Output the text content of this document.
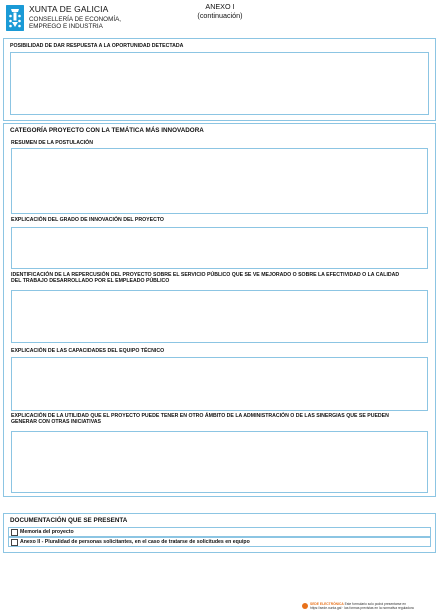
XUNTA DE GALICIA
CONSELLERÍA DE ECONOMÍA,
EMPREGO E INDUSTRIA
ANEXO I
(continuación)
POSIBILIDAD DE DAR RESPUESTA A LA OPORTUNIDAD DETECTADA
CATEGORÍA PROYECTO CON LA TEMÁTICA MÁS INNOVADORA
RESUMEN DE LA POSTULACIÓN
EXPLICACIÓN DEL GRADO DE INNOVACIÓN DEL PROYECTO
IDENTIFICACIÓN DE LA REPERCUSIÓN DEL PROYECTO SOBRE EL SERVICIO PÚBLICO QUE SE VE MEJORADO O SOBRE LA EFECTIVIDAD O LA CALIDAD
DEL TRABAJO DESARROLLADO POR EL EMPLEADO PÚBLICO
EXPLICACIÓN DE LAS CAPACIDADES DEL EQUIPO TÉCNICO
EXPLICACIÓN DE LA UTILIDAD QUE EL PROYECTO PUEDE TENER EN OTRO ÁMBITO DE LA ADMINISTRACIÓN O DE LAS SINERGIAS QUE SE PUEDEN
GENERAR CON OTRAS INICIATIVAS
DOCUMENTACIÓN QUE SE PRESENTA
Memoria del proyecto
Anexo II - Pluralidad de personas solicitantes, en el caso de tratarse de solicitudes en equipo
SEDE ELECTRÓNICA Este formulario solo podrá presentarse en
https://sede.xunta.gal · las formas previstas en la normativa reguladora
